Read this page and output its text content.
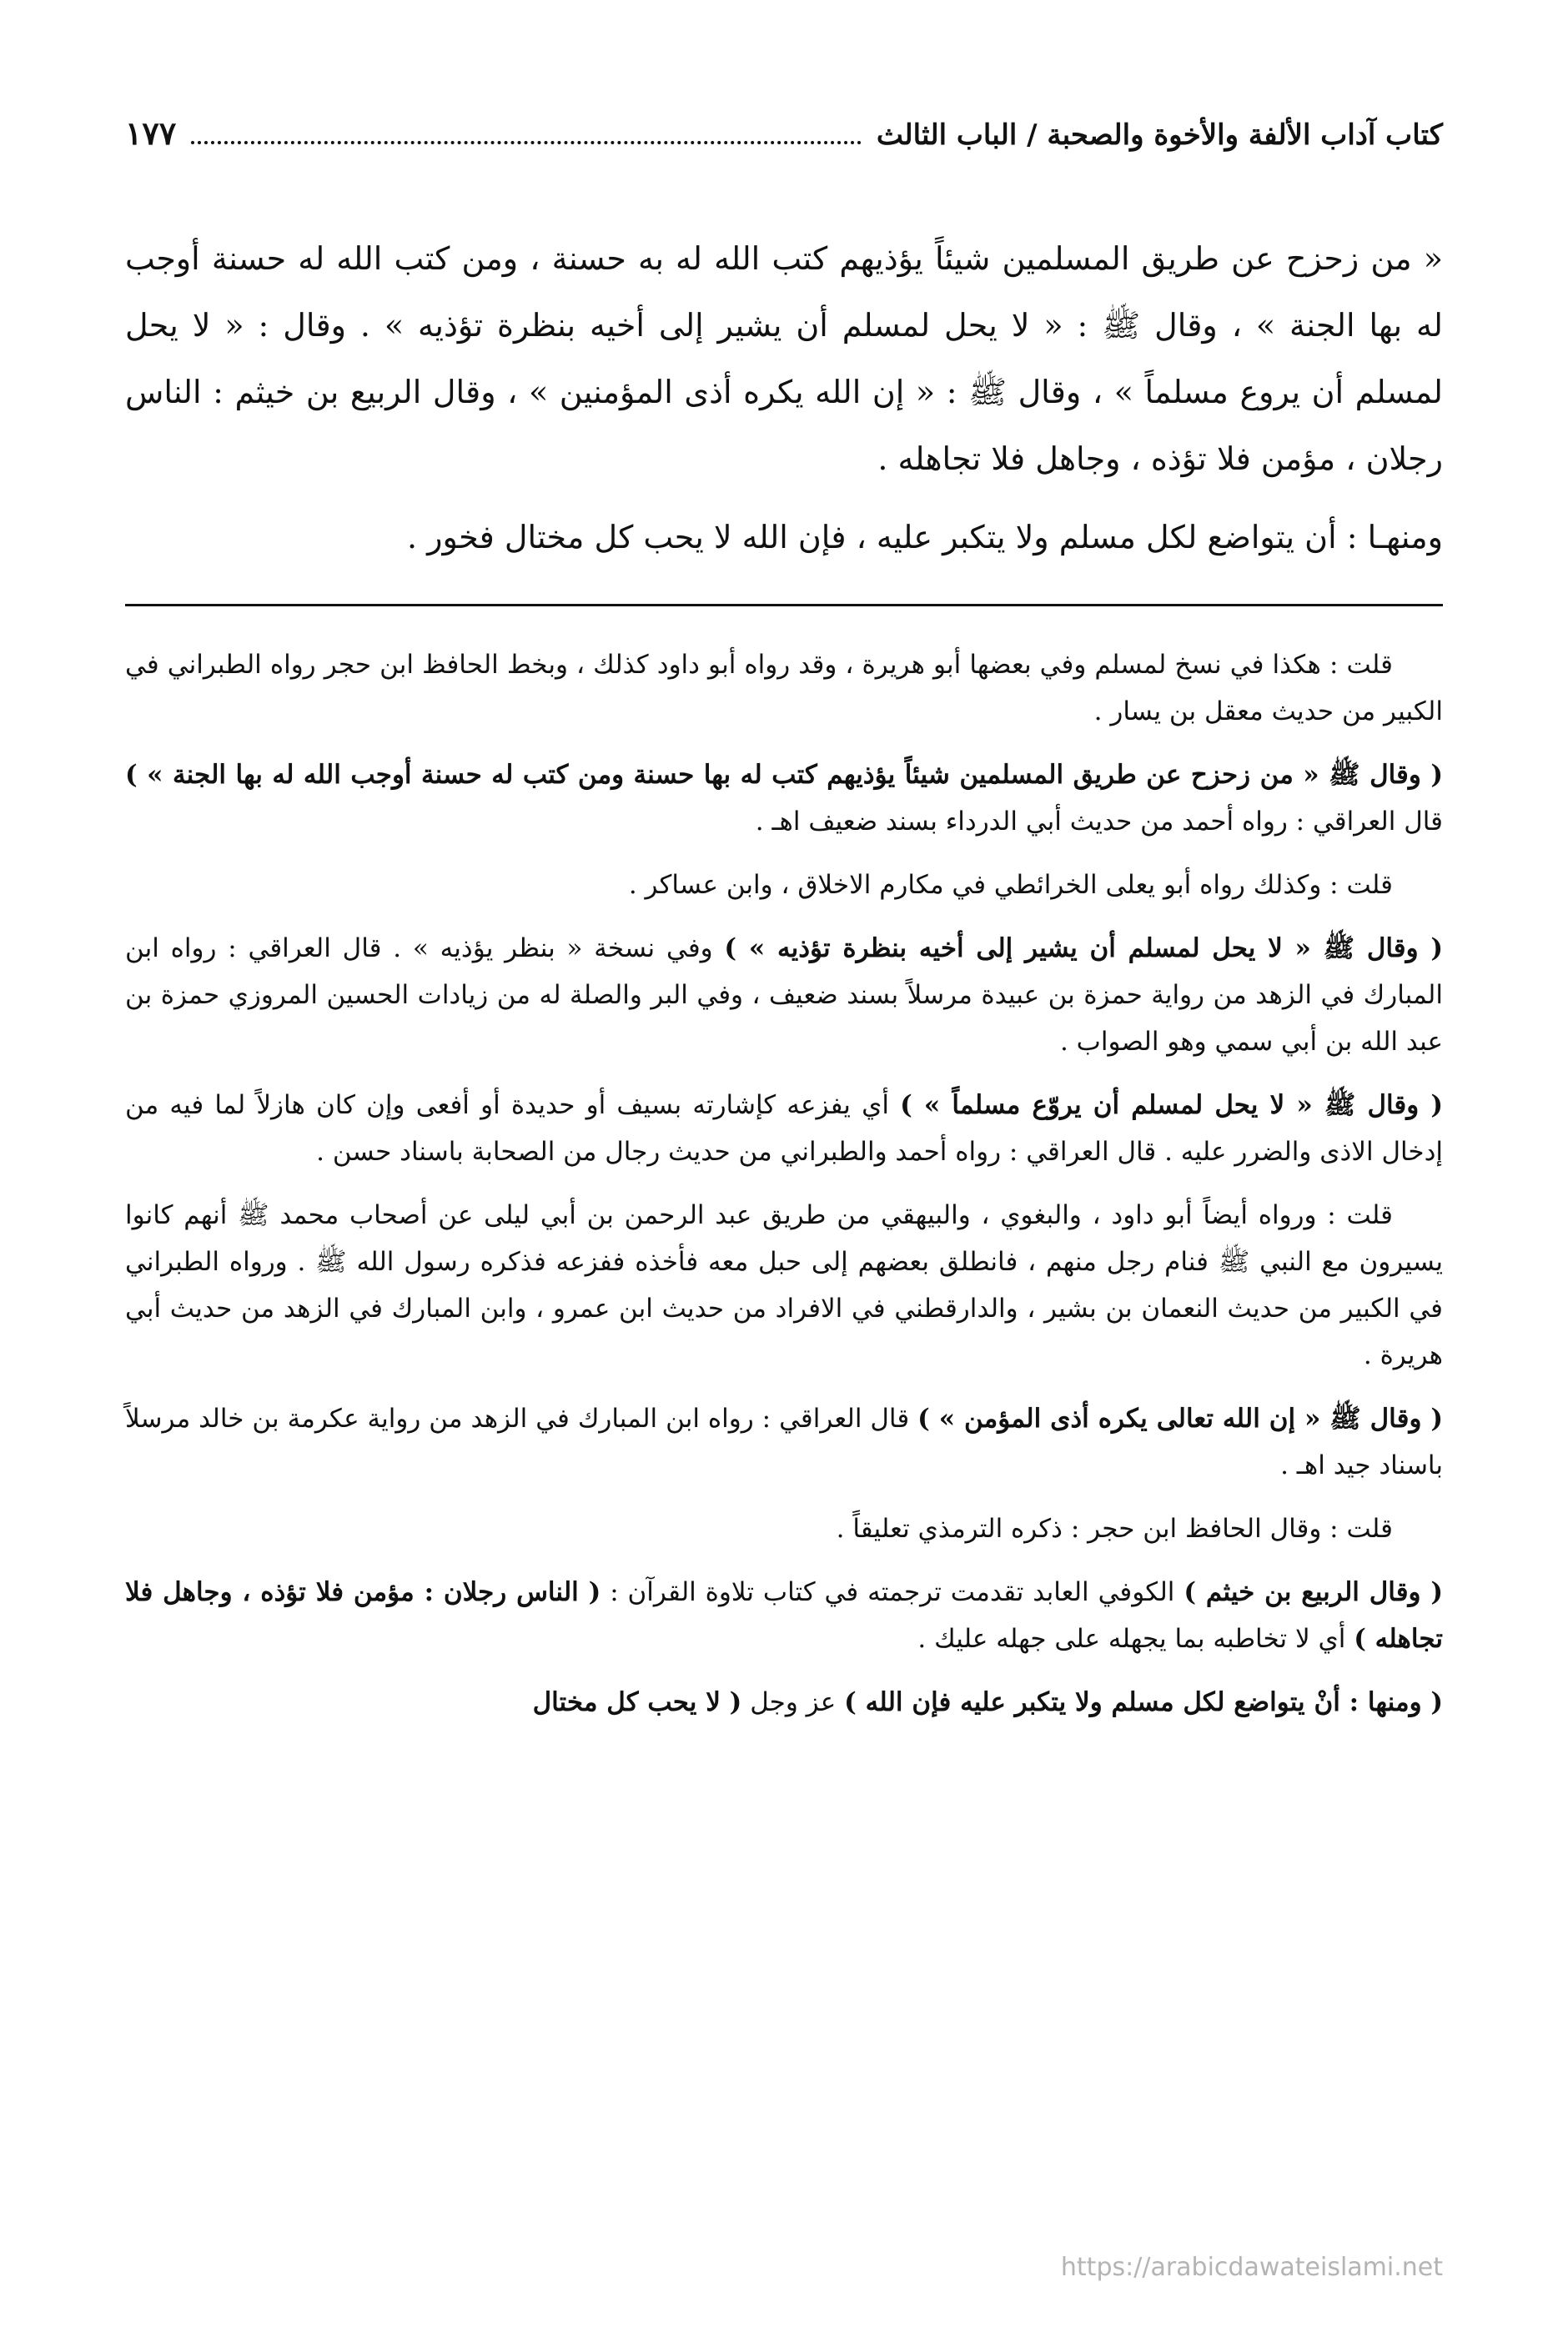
كتاب آداب الألفة والأخوة والصحبة / الباب الثالث
١٧٧

« من زحزح عن طريق المسلمين شيئاً يؤذيهم كتب الله له به حسنة ، ومن كتب الله له حسنة أوجب له بها الجنة » ، وقال ﷺ : « لا يحل لمسلم أن يشير إلى أخيه بنظرة تؤذيه » . وقال : « لا يحل لمسلم أن يروع مسلماً » ، وقال ﷺ : « إن الله يكره أذى المؤمنين » ، وقال الربيع بن خيثم : الناس رجلان ، مؤمن فلا تؤذه ، وجاهل فلا تجاهله .

ومنهـا : أن يتواضع لكل مسلم ولا يتكبر عليه ، فإن الله لا يحب كل مختال فخور .

قلت : هكذا في نسخ لمسلم وفي بعضها أبو هريرة ، وقد رواه أبو داود كذلك ، وبخط الحافظ ابن حجر رواه الطبراني في الكبير من حديث معقل بن يسار .

( وقال ﷺ « من زحزح عن طريق المسلمين شيئاً يؤذيهم كتب له بها حسنة ومن كتب له حسنة أوجب الله له بها الجنة » ) قال العراقي : رواه أحمد من حديث أبي الدرداء بسند ضعيف اهـ .

قلت : وكذلك رواه أبو يعلى الخرائطي في مكارم الاخلاق ، وابن عساكر .

( وقال ﷺ « لا يحل لمسلم أن يشير إلى أخيه بنظرة تؤذيه » ) وفي نسخة « بنظر يؤذيه » . قال العراقي : رواه ابن المبارك في الزهد من رواية حمزة بن عبيدة مرسلاً بسند ضعيف ، وفي البر والصلة له من زيادات الحسين المروزي حمزة بن عبد الله بن أبي سمي وهو الصواب .

( وقال ﷺ « لا يحل لمسلم أن يروّع مسلماً » ) أي يفزعه كإشارته بسيف أو حديدة أو أفعى وإن كان هازلاً لما فيه من إدخال الاذى والضرر عليه . قال العراقي : رواه أحمد والطبراني من حديث رجال من الصحابة باسناد حسن .

قلت : ورواه أيضاً أبو داود ، والبغوي ، والبيهقي من طريق عبد الرحمن بن أبي ليلى عن أصحاب محمد ﷺ أنهم كانوا يسيرون مع النبي ﷺ فنام رجل منهم ، فانطلق بعضهم إلى حبل معه فأخذه ففزعه فذكره رسول الله ﷺ . ورواه الطبراني في الكبير من حديث النعمان بن بشير ، والدارقطني في الافراد من حديث ابن عمرو ، وابن المبارك في الزهد من حديث أبي هريرة .

( وقال ﷺ « إن الله تعالى يكره أذى المؤمن » ) قال العراقي : رواه ابن المبارك في الزهد من رواية عكرمة بن خالد مرسلاً باسناد جيد اهـ .

قلت : وقال الحافظ ابن حجر : ذكره الترمذي تعليقاً .

( وقال الربيع بن خيثم ) الكوفي العابد تقدمت ترجمته في كتاب تلاوة القرآن : ( الناس رجلان : مؤمن فلا تؤذه ، وجاهل فلا تجاهله ) أي لا تخاطبه بما يجهله على جهله عليك .

( ومنها : أنْ يتواضع لكل مسلم ولا يتكبر عليه فإن الله ) عز وجل ( لا يحب كل مختال

https://arabicdawateislami.net
